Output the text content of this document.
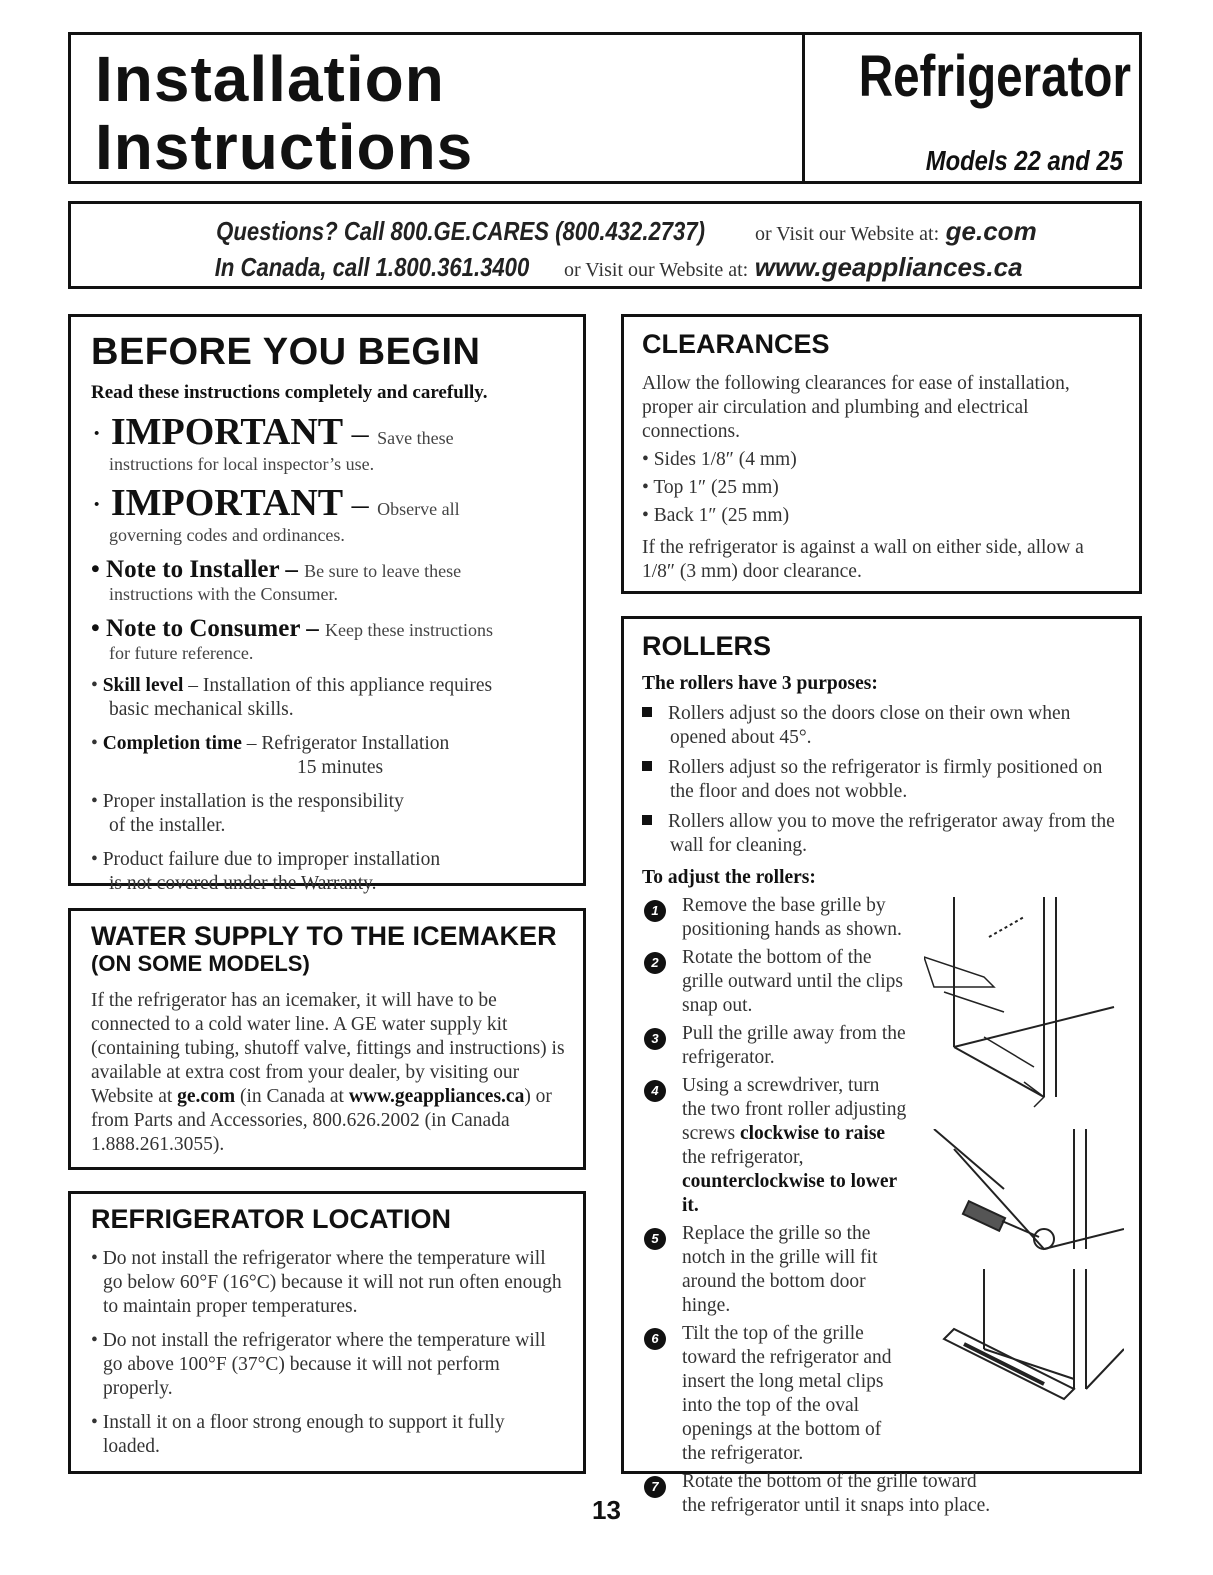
Installation
Instructions
Refrigerator
Models 22 and 25
Questions? Call 800.GE.CARES (800.432.2737) or Visit our Website at: ge.com
In Canada, call 1.800.361.3400 or Visit our Website at: www.geappliances.ca
BEFORE YOU BEGIN
Read these instructions completely and carefully.
· IMPORTANT – Save these
instructions for local inspector’s use.
· IMPORTANT – Observe all
governing codes and ordinances.
• Note to Installer – Be sure to leave these
instructions with the Consumer.
• Note to Consumer – Keep these instructions
for future reference.
• Skill level – Installation of this appliance requires
basic mechanical skills.
• Completion time – Refrigerator Installation
15 minutes
• Proper installation is the responsibility
of the installer.
• Product failure due to improper installation
is not covered under the Warranty.
WATER SUPPLY TO THE ICEMAKER
(ON SOME MODELS)
If the refrigerator has an icemaker, it will have to be connected to a cold water line. A GE water supply kit (containing tubing, shutoff valve, fittings and instructions) is available at extra cost from your dealer, by visiting our Website at ge.com (in Canada at www.geappliances.ca) or from Parts and Accessories, 800.626.2002 (in Canada 1.888.261.3055).
REFRIGERATOR LOCATION
• Do not install the refrigerator where the temperature will go below 60°F (16°C) because it will not run often enough to maintain proper temperatures.
• Do not install the refrigerator where the temperature will go above 100°F (37°C) because it will not perform properly.
• Install it on a floor strong enough to support it fully loaded.
CLEARANCES
Allow the following clearances for ease of installation, proper air circulation and plumbing and electrical connections.
• Sides 1/8″ (4 mm)
• Top 1″ (25 mm)
• Back 1″ (25 mm)
If the refrigerator is against a wall on either side, allow a 1/8″ (3 mm) door clearance.
ROLLERS
The rollers have 3 purposes:
Rollers adjust so the doors close on their own when opened about 45°.
Rollers adjust so the refrigerator is firmly positioned on the floor and does not wobble.
Rollers allow you to move the refrigerator away from the wall for cleaning.
To adjust the rollers:
1	Remove the base grille by
positioning hands as shown.
2	Rotate the bottom of the
grille outward until the clips
snap out.
3	Pull the grille away from the
refrigerator.
4	Using a screwdriver, turn
the two front roller adjusting
screws clockwise to raise
the refrigerator,
counterclockwise to lower it.
5	Replace the grille so the
notch in the grille will fit
around the bottom door
hinge.
6	Tilt the top of the grille
toward the refrigerator and
insert the long metal clips
into the top of the oval
openings at the bottom of
the refrigerator.
7	Rotate the bottom of the grille toward
the refrigerator until it snaps into place.
13
